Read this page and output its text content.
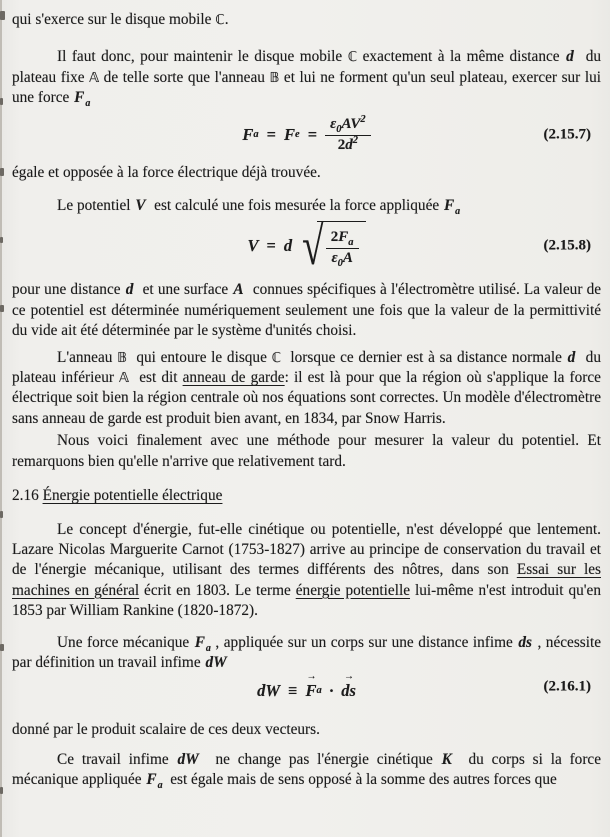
qui s'exerce sur le disque mobile ℂ.

Il faut donc, pour maintenir le disque mobile ℂ exactement à la même distance d  du plateau fixe 𝔸 de telle sorte que l'anneau 𝔹 et lui ne forment qu'un seul plateau, exercer sur lui une force $F_a$

F a = F $e = \frac{\varepsilon_0AV^2}{2d^2}$	(2.15.7)

égale et opposée à la force électrique déjà trouvée.

Le potentiel V  est calculé une fois mesurée la force appliquée $F_a$

V = d √ $\frac{2F_a}{\varepsilon_0A}$	(2.15.8)

pour une distance d  et une surface A  connues spécifiques à l'électromètre utilisé. La valeur de ce potentiel est déterminée numériquement seulement une fois que la valeur de la permittivité du vide ait été déterminée par le système d'unités choisi.

L'anneau 𝔹  qui entoure le disque ℂ  lorsque ce dernier est à sa distance normale d  du plateau inférieur 𝔸  est dit anneau de garde: il est là pour que la région où s'applique la force électrique soit bien la région centrale où nos équations sont correctes. Un modèle d'électromètre sans anneau de garde est produit bien avant, en 1834, par Snow Harris.

Nous voici finalement avec une méthode pour mesurer la valeur du potentiel. Et remarquons bien qu'elle n'arrive que relativement tard.

2.16 Énergie potentielle électrique

Le concept d'énergie, fut-elle cinétique ou potentielle, n'est développé que lentement. Lazare Nicolas Marguerite Carnot (1753-1827) arrive au principe de conservation du travail et de l'énergie mécanique, utilisant des termes différents des nôtres, dans son Essai sur les machines en général écrit en 1803. Le terme énergie potentielle lui-même n'est introduit qu'en 1853 par William Rankine (1820-1872).

Une force mécanique $F_a$ , appliquée sur un corps sur une distance infime ds , nécessite par définition un travail infime dW

dW ≡
→
F a ·
→
ds	(2.16.1)

donné par le produit scalaire de ces deux vecteurs.

Ce travail infime dW  ne change pas l'énergie cinétique K  du corps si la force mécanique appliquée $F_a$  est égale mais de sens opposé à la somme des autres forces que
